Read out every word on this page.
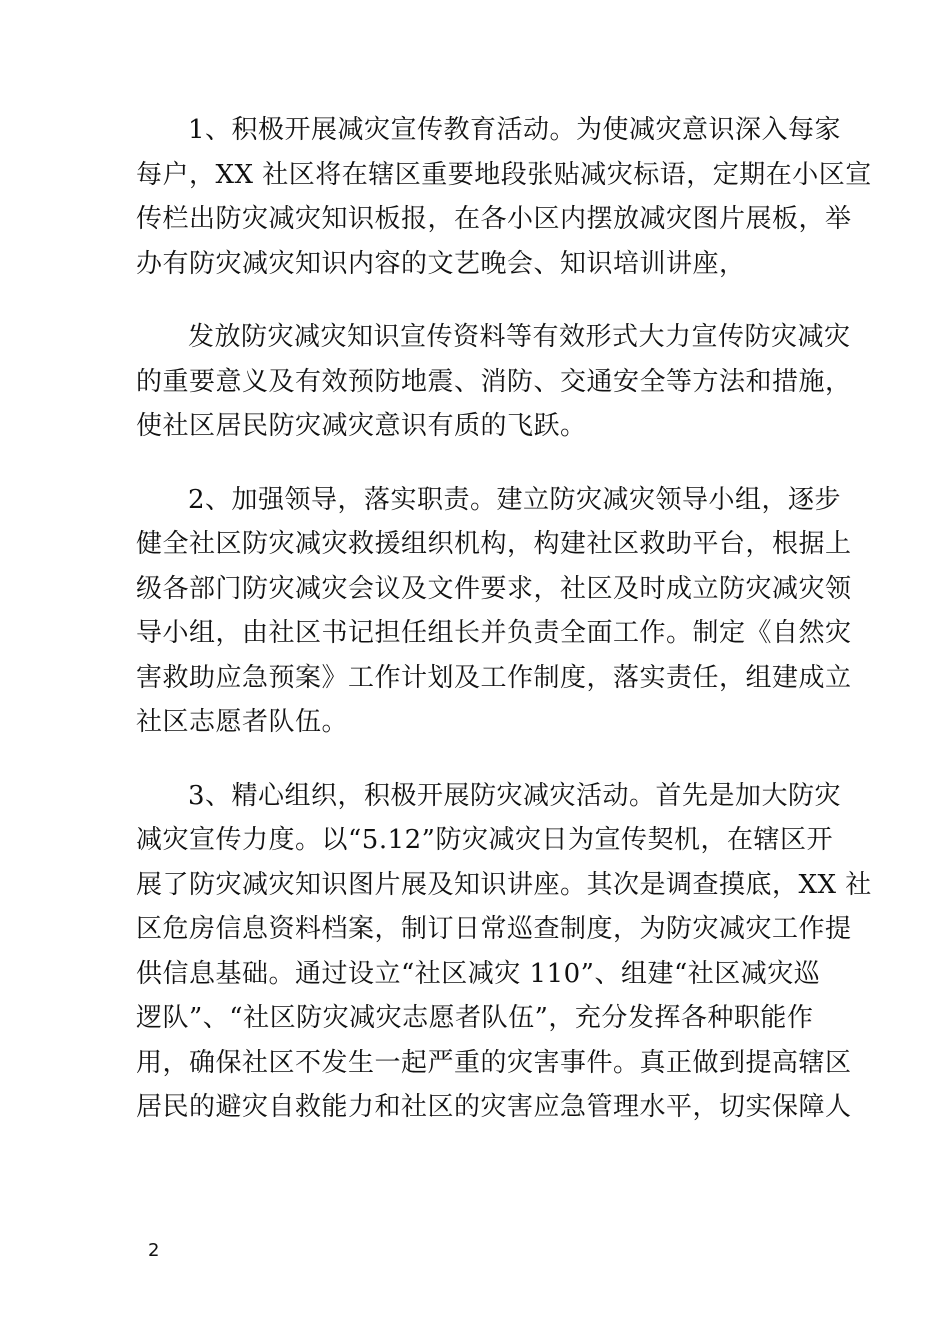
1、积极开展减灾宣传教育活动。为使减灾意识深入每家
每户，XX 社区将在辖区重要地段张贴减灾标语，定期在小区宣
传栏出防灾减灾知识板报，在各小区内摆放减灾图片展板，举
办有防灾减灾知识内容的文艺晚会、知识培训讲座，

发放防灾减灾知识宣传资料等有效形式大力宣传防灾减灾
的重要意义及有效预防地震、消防、交通安全等方法和措施，
使社区居民防灾减灾意识有质的飞跃。

2、加强领导，落实职责。建立防灾减灾领导小组，逐步
健全社区防灾减灾救援组织机构，构建社区救助平台，根据上
级各部门防灾减灾会议及文件要求，社区及时成立防灾减灾领
导小组，由社区书记担任组长并负责全面工作。制定《自然灾
害救助应急预案》工作计划及工作制度，落实责任，组建成立
社区志愿者队伍。

3、精心组织，积极开展防灾减灾活动。首先是加大防灾
减灾宣传力度。以“5.12”防灾减灾日为宣传契机，在辖区开
展了防灾减灾知识图片展及知识讲座。其次是调查摸底，XX 社
区危房信息资料档案，制订日常巡查制度，为防灾减灾工作提
供信息基础。通过设立“社区减灾 110”、组建“社区减灾巡
逻队”、“社区防灾减灾志愿者队伍”，充分发挥各种职能作
用，确保社区不发生一起严重的灾害事件。真正做到提高辖区
居民的避灾自救能力和社区的灾害应急管理水平，切实保障人

2
